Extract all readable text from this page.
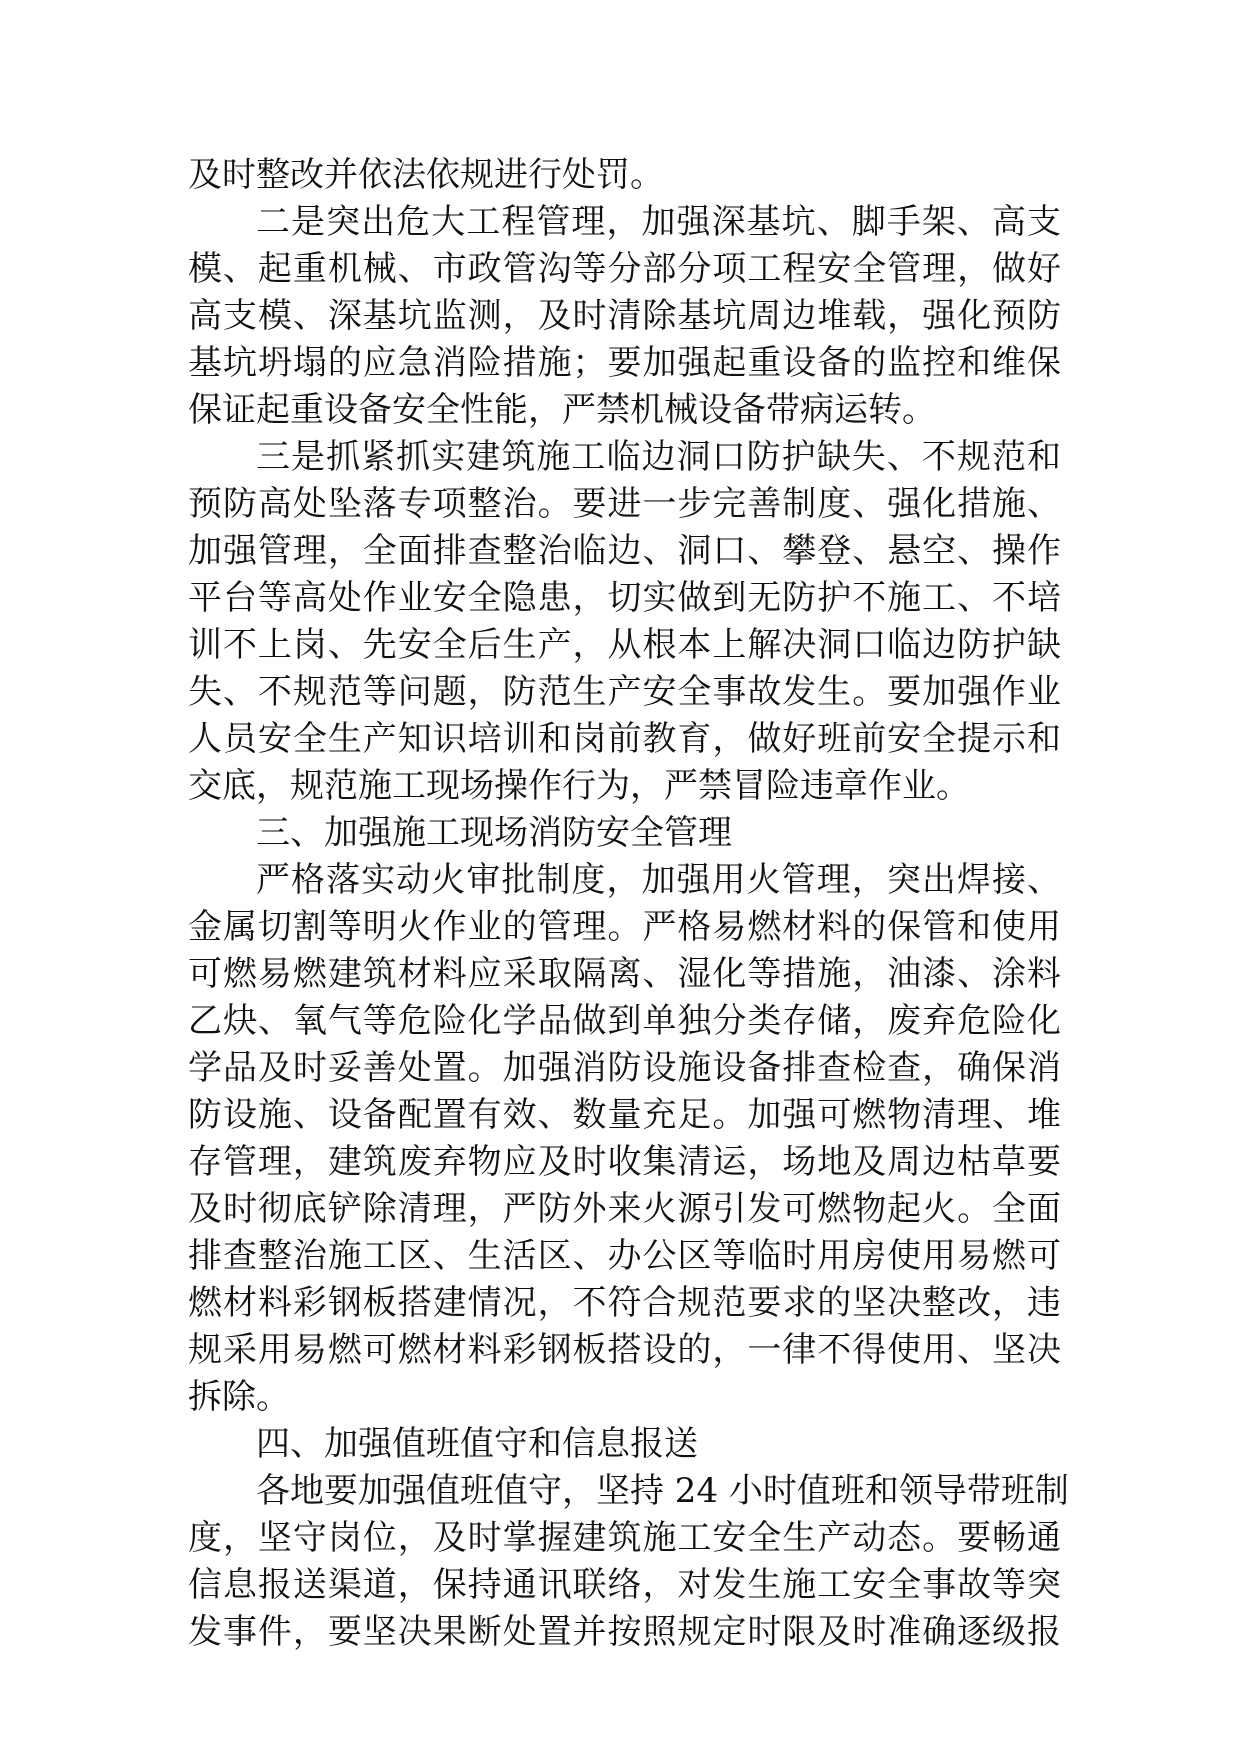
及时整改并依法依规进行处罚。
二是突出危大工程管理，加强深基坑、脚手架、高支
模、起重机械、市政管沟等分部分项工程安全管理，做好
高支模、深基坑监测，及时清除基坑周边堆载，强化预防
基坑坍塌的应急消险措施；要加强起重设备的监控和维保
保证起重设备安全性能，严禁机械设备带病运转。
三是抓紧抓实建筑施工临边洞口防护缺失、不规范和
预防高处坠落专项整治。要进一步完善制度、强化措施、
加强管理，全面排查整治临边、洞口、攀登、悬空、操作
平台等高处作业安全隐患，切实做到无防护不施工、不培
训不上岗、先安全后生产，从根本上解决洞口临边防护缺
失、不规范等问题，防范生产安全事故发生。要加强作业
人员安全生产知识培训和岗前教育，做好班前安全提示和
交底，规范施工现场操作行为，严禁冒险违章作业。
三、加强施工现场消防安全管理
严格落实动火审批制度，加强用火管理，突出焊接、
金属切割等明火作业的管理。严格易燃材料的保管和使用
可燃易燃建筑材料应采取隔离、湿化等措施，油漆、涂料
乙炔、氧气等危险化学品做到单独分类存储，废弃危险化
学品及时妥善处置。加强消防设施设备排查检查，确保消
防设施、设备配置有效、数量充足。加强可燃物清理、堆
存管理，建筑废弃物应及时收集清运，场地及周边枯草要
及时彻底铲除清理，严防外来火源引发可燃物起火。全面
排查整治施工区、生活区、办公区等临时用房使用易燃可
燃材料彩钢板搭建情况，不符合规范要求的坚决整改，违
规采用易燃可燃材料彩钢板搭设的，一律不得使用、坚决
拆除。
四、加强值班值守和信息报送
各地要加强值班值守，坚持 24 小时值班和领导带班制
度，坚守岗位，及时掌握建筑施工安全生产动态。要畅通
信息报送渠道，保持通讯联络，对发生施工安全事故等突
发事件，要坚决果断处置并按照规定时限及时准确逐级报
